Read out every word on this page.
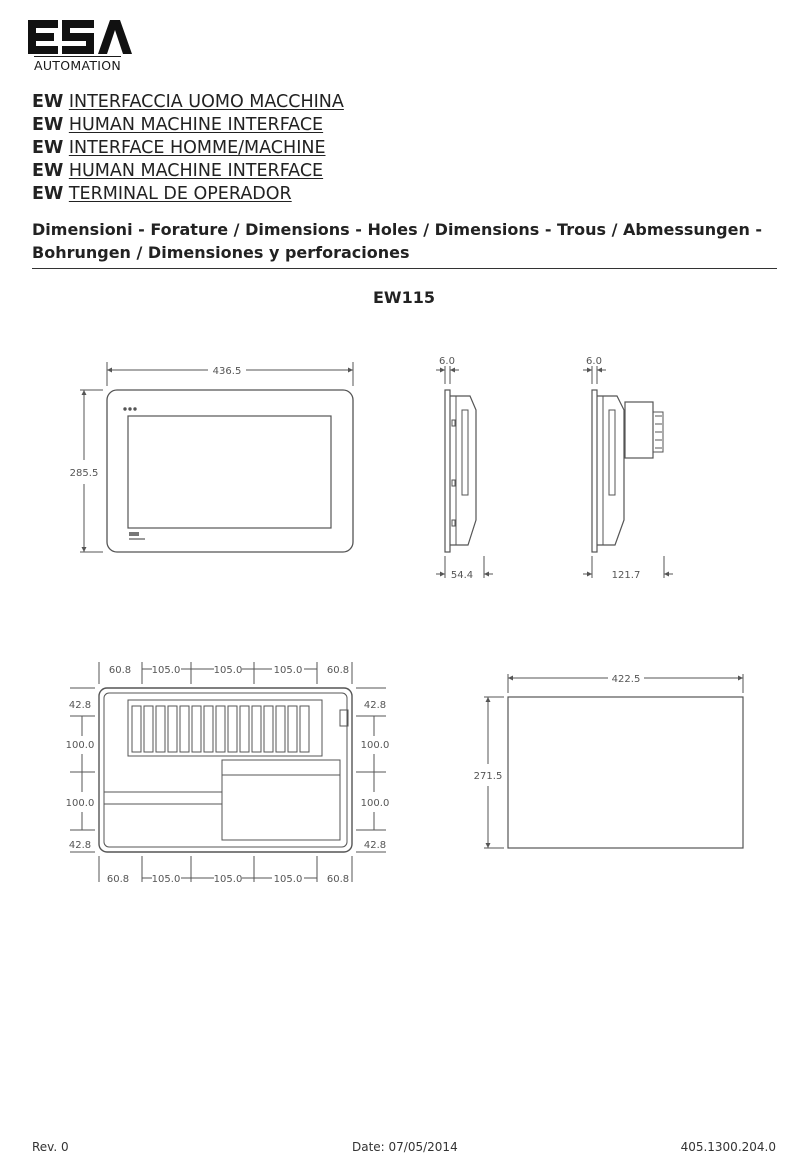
AUTOMATION
EW INTERFACCIA UOMO MACCHINA
EW HUMAN MACHINE INTERFACE
EW INTERFACE HOMME/MACHINE
EW HUMAN MACHINE INTERFACE
EW TERMINAL DE OPERADOR
Dimensioni - Forature / Dimensions - Holes / Dimensions - Trous / Abmessungen - Bohrungen / Dimensiones y perforaciones
EW115
436.5
285.5
6.0
54.4
6.0
121.7
60.8 105.0	105.0	105.0 60.8
60.8 105.0	105.0	105.0 60.8
42.8
100.0
100.0
42.8
42.8
100.0
100.0
42.8
422.5
271.5
Rev. 0	Date: 07/05/2014	405.1300.204.0
